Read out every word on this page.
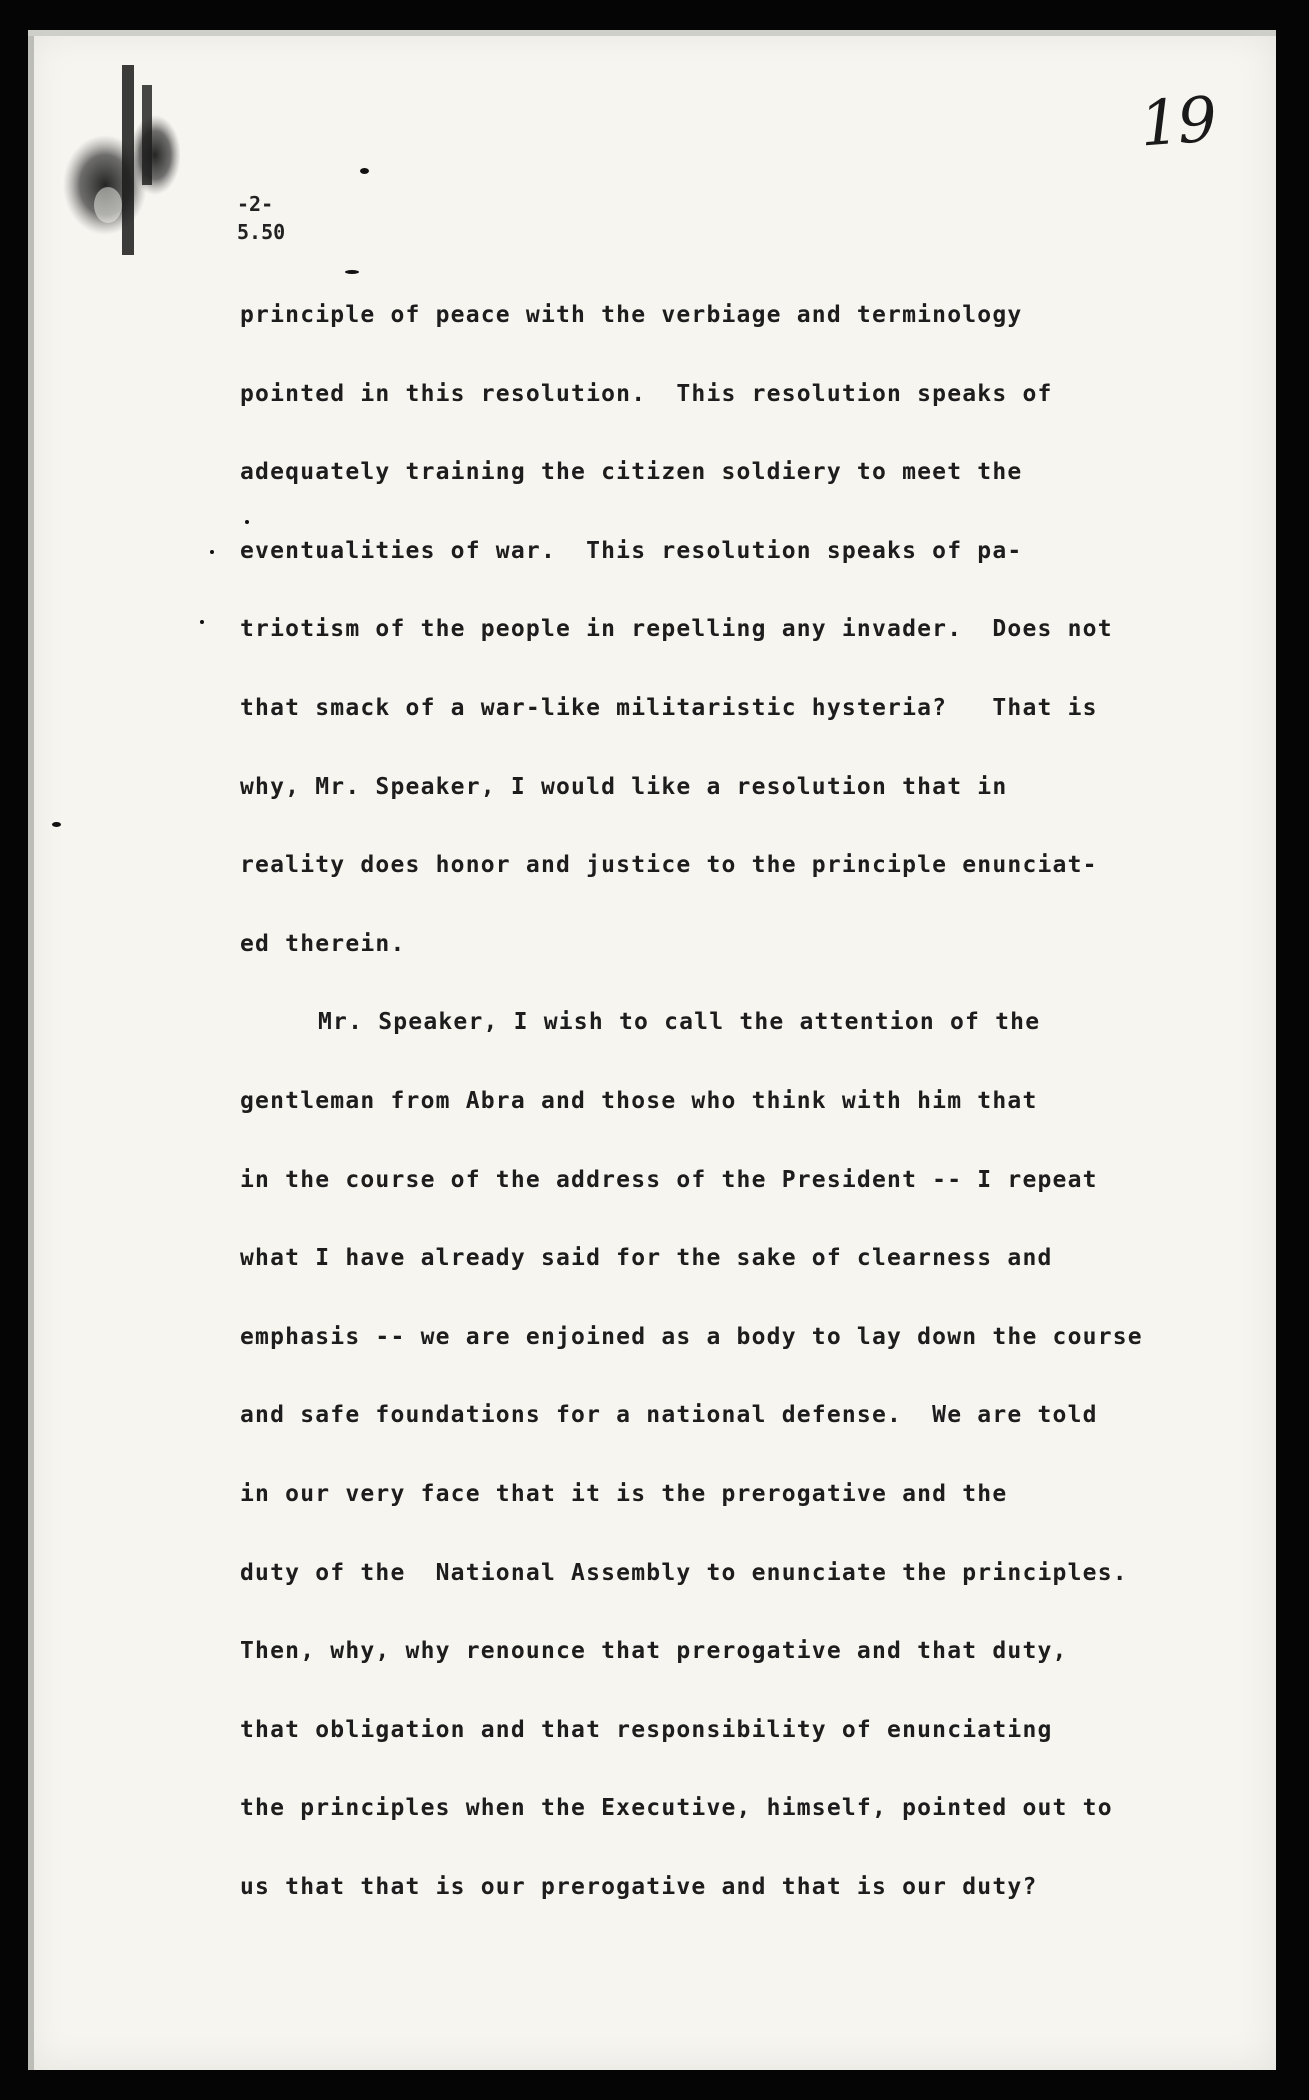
19
-2-
5.50
principle of peace with the verbiage and terminology
pointed in this resolution.  This resolution speaks of
adequately training the citizen soldiery to meet the
eventualities of war.  This resolution speaks of pa-
triotism of the people in repelling any invader.  Does not
that smack of a war-like militaristic hysteria?   That is
why, Mr. Speaker, I would like a resolution that in
reality does honor and justice to the principle enunciat-
ed therein.
Mr. Speaker, I wish to call the attention of the
gentleman from Abra and those who think with him that
in the course of the address of the President -- I repeat
what I have already said for the sake of clearness and
emphasis -- we are enjoined as a body to lay down the course
and safe foundations for a national defense.  We are told
in our very face that it is the prerogative and the
duty of the  National Assembly to enunciate the principles.
Then, why, why renounce that prerogative and that duty,
that obligation and that responsibility of enunciating
the principles when the Executive, himself, pointed out to
us that that is our prerogative and that is our duty?
